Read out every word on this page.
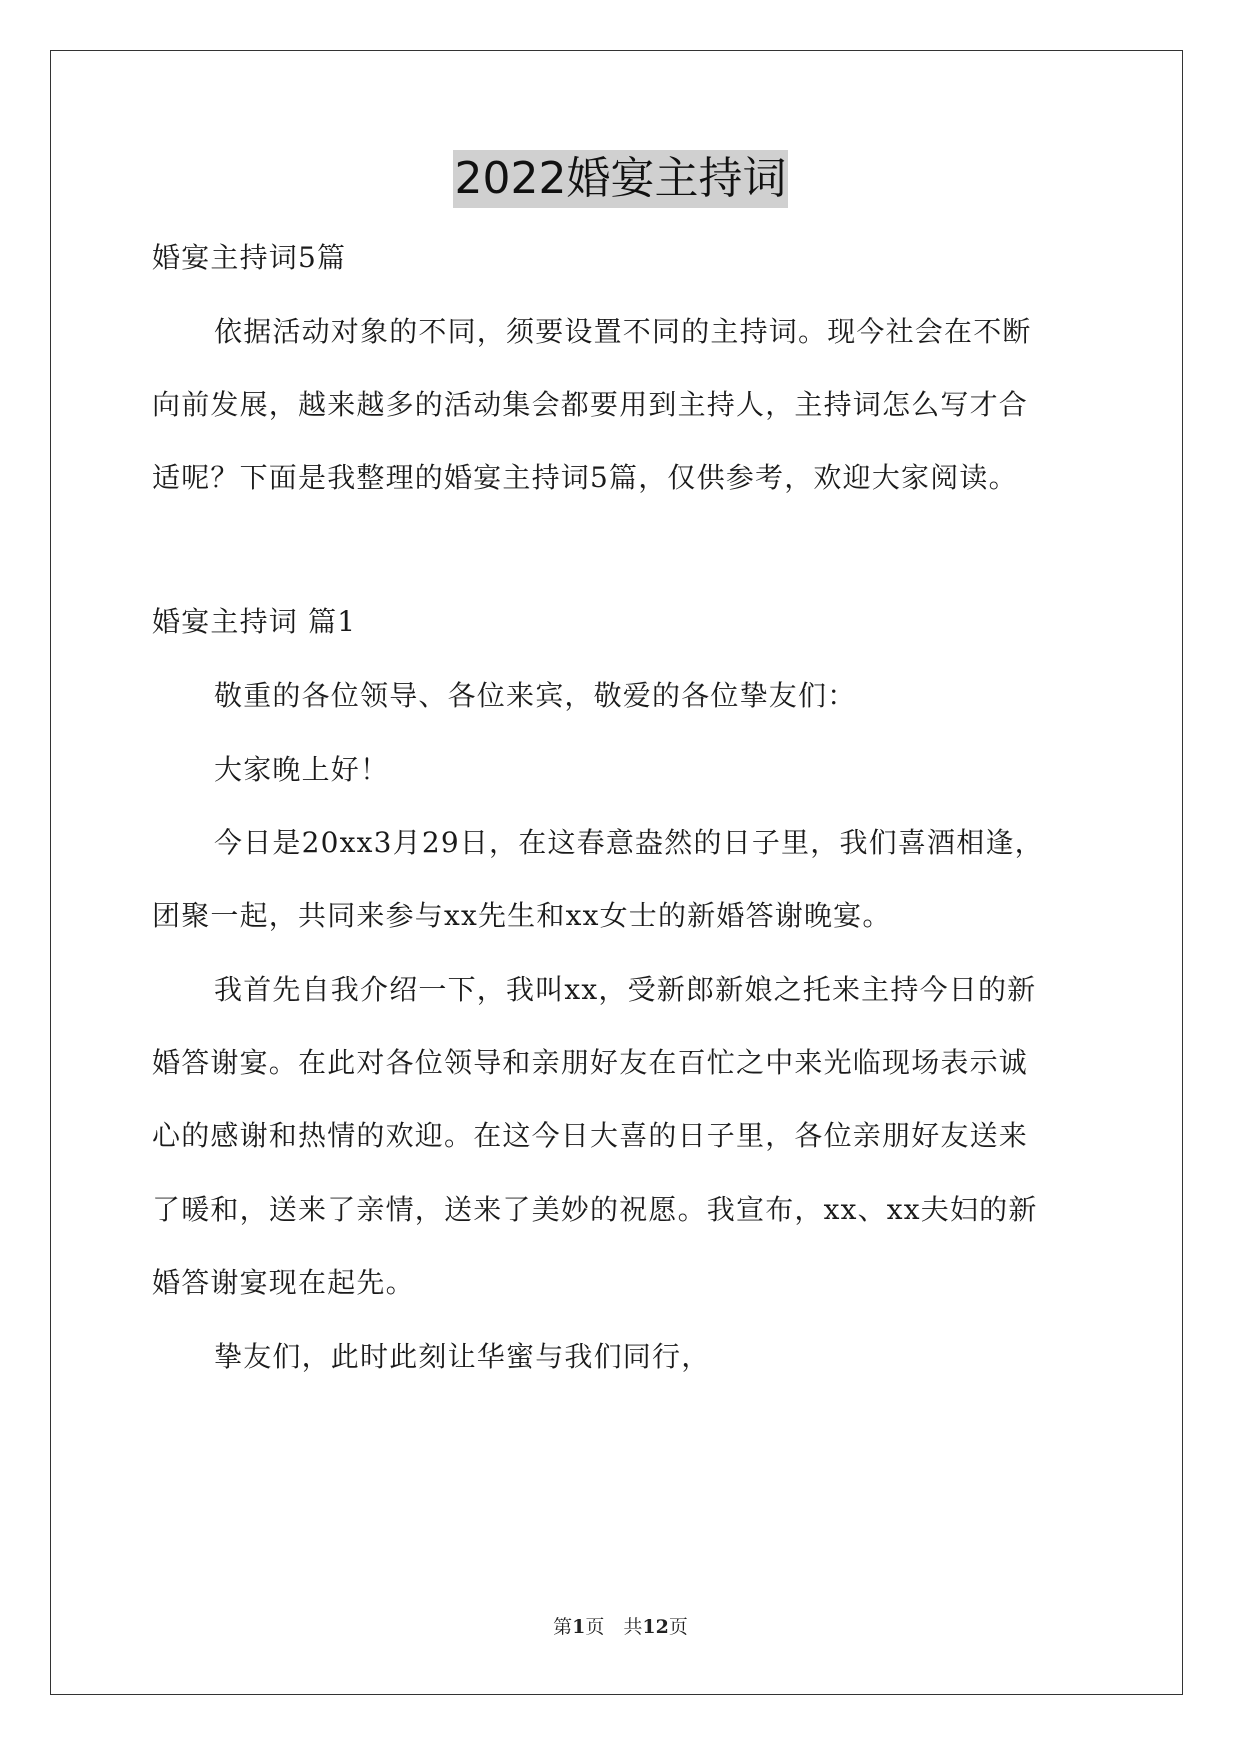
2022婚宴主持词
婚宴主持词5篇
依据活动对象的不同，须要设置不同的主持词。现今社会在不断
向前发展，越来越多的活动集会都要用到主持人，主持词怎么写才合
适呢？下面是我整理的婚宴主持词5篇，仅供参考，欢迎大家阅读。
婚宴主持词 篇1
敬重的各位领导、各位来宾，敬爱的各位挚友们：
大家晚上好！
今日是20xx3月29日，在这春意盎然的日子里，我们喜酒相逢，
团聚一起，共同来参与xx先生和xx女士的新婚答谢晚宴。
我首先自我介绍一下，我叫xx，受新郎新娘之托来主持今日的新
婚答谢宴。在此对各位领导和亲朋好友在百忙之中来光临现场表示诚
心的感谢和热情的欢迎。在这今日大喜的日子里，各位亲朋好友送来
了暖和，送来了亲情，送来了美妙的祝愿。我宣布，xx、xx夫妇的新
婚答谢宴现在起先。
挚友们，此时此刻让华蜜与我们同行，
第1页　共12页
